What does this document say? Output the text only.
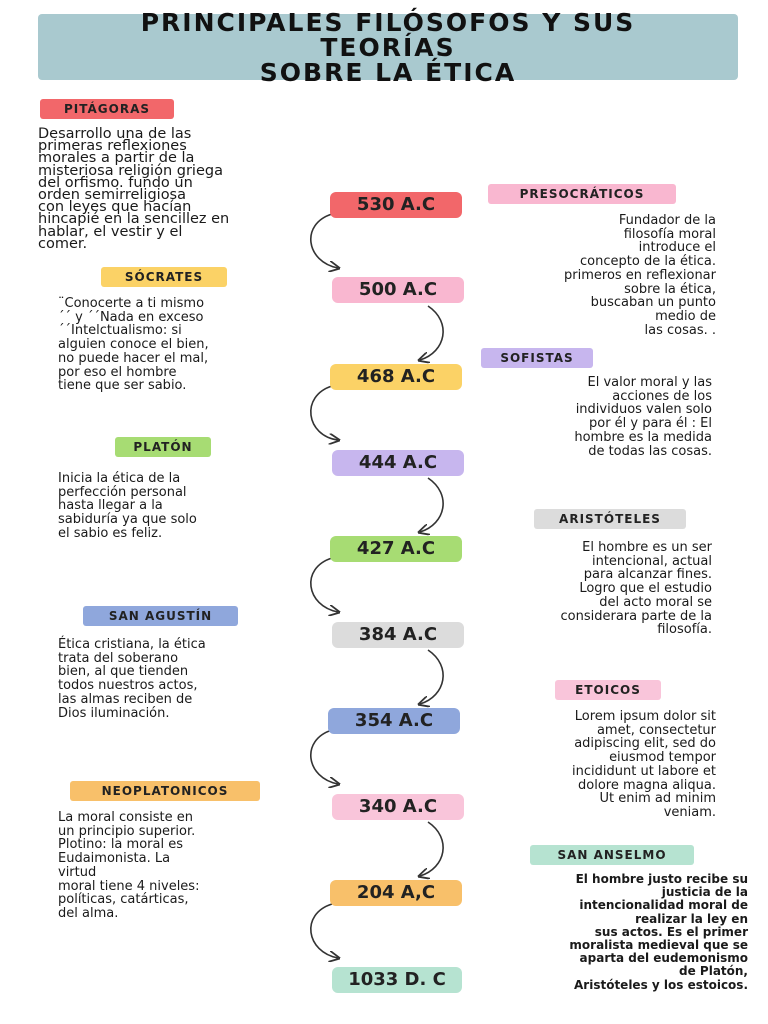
PRINCIPALES FILÓSOFOS Y SUS
TEORÍAS
SOBRE LA ÉTICA
530 A.C
500 A.C
468 A.C
444 A.C
427 A.C
384 A.C
354 A.C
340 A.C
204 A,C
1033 D. C
PITÁGORAS
PRESOCRÁTICOS
SÓCRATES
SOFISTAS
PLATÓN
ARISTÓTELES
SAN AGUSTÍN
ETOICOS
NEOPLATONICOS
SAN ANSELMO
Desarrollo una de las
primeras reflexiones
morales a partir de la
misteriosa religión griega
del orfismo. fundo un
orden semirreligiosa
con leyes que hacían
hincapié en la sencillez en
hablar, el vestir y el
comer.
Fundador de la
filosofía moral
introduce el
concepto de la ética.
primeros en reflexionar
sobre la ética,
buscaban un punto
medio de
las cosas. .
¨Conocerte a ti mismo
´´ y ´´Nada en exceso
´´Intelctualismo: si
alguien conoce el bien,
no puede hacer el mal,
por eso el hombre
tiene que ser sabio.	El valor moral y las
acciones de los
individuos valen solo
por él y para él : El
hombre es la medida
de todas las cosas.
Inicia la ética de la
perfección personal
hasta llegar a la
sabiduría ya que solo
el sabio es feliz.
El hombre es un ser
intencional, actual
para alcanzar fines.
Logro que el estudio
del acto moral se
considerara parte de la
filosofía.
Ética cristiana, la ética
trata del soberano
bien, al que tienden
todos nuestros actos,
las almas reciben de
Dios iluminación.	Lorem ipsum dolor sit
amet, consectetur
adipiscing elit, sed do
eiusmod tempor
incididunt ut labore et
dolore magna aliqua.
Ut enim ad minim
veniam.
La moral consiste en
un principio superior.
Plotino: la moral es
Eudaimonista. La
virtud
moral tiene 4 niveles:
políticas, catárticas,
del alma.
El hombre justo recibe su
justicia de la
intencionalidad moral de
realizar la ley en
sus actos. Es el primer
moralista medieval que se
aparta del eudemonismo
de Platón,
Aristóteles y los estoicos.
